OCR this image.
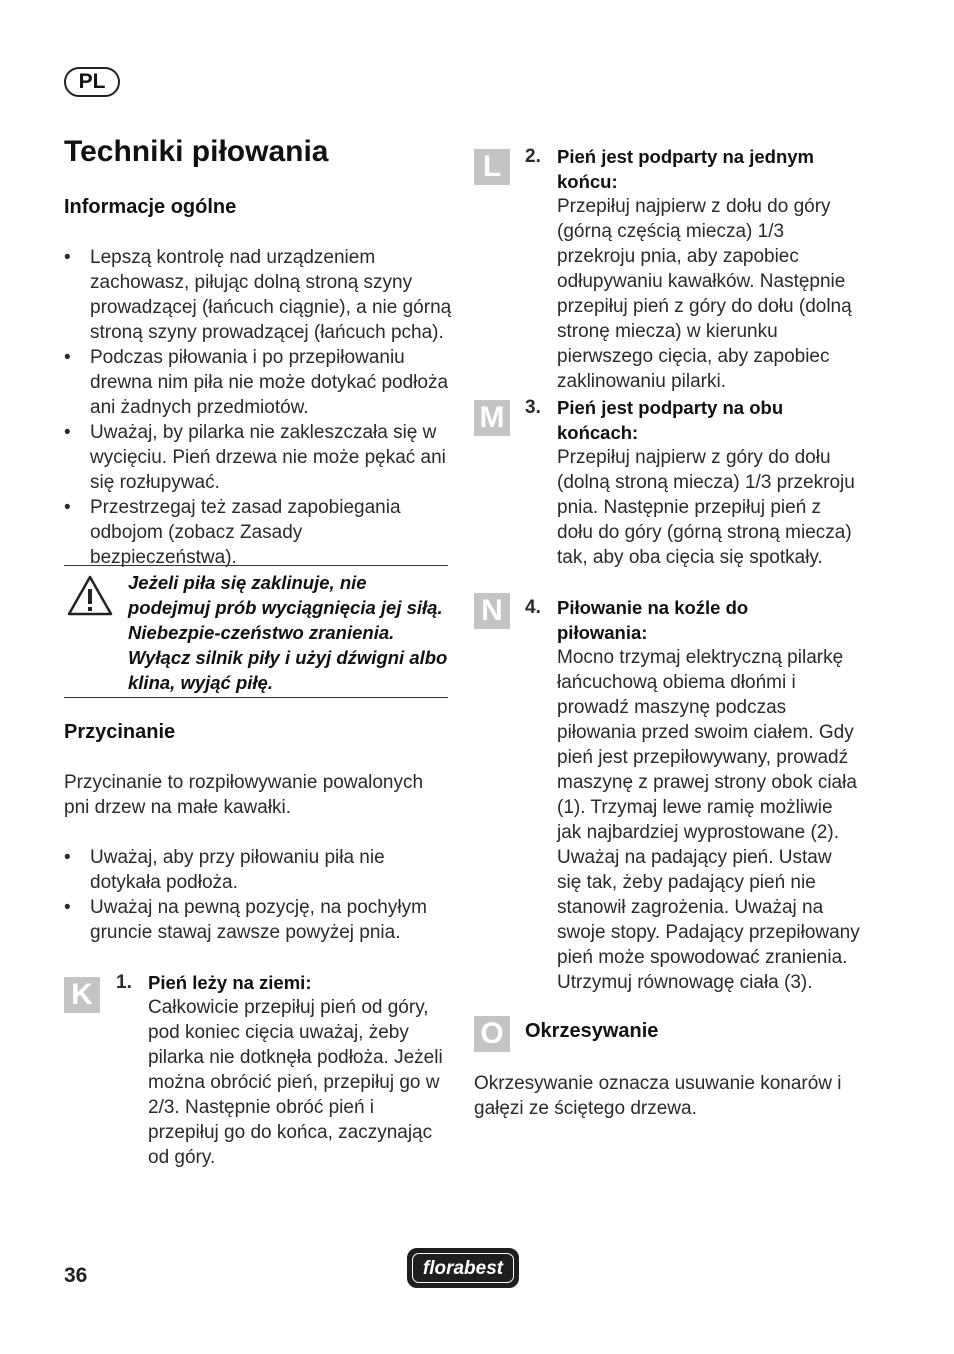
PL
Techniki piłowania
Informacje ogólne
• Lepszą kontrolę nad urządzeniem zachowasz, piłując dolną stroną szyny prowadzącej (łańcuch ciągnie), a nie górną stroną szyny prowadzącej (łańcuch pcha).
• Podczas piłowania i po przepiłowaniu drewna nim piła nie może dotykać podłoża ani żadnych przedmiotów.
• Uważaj, by pilarka nie zakleszczała się w wycięciu. Pień drzewa nie może pękać ani się rozłupywać.
• Przestrzegaj też zasad zapobiegania odbojom (zobacz Zasady bezpieczeństwa).
Jeżeli piła się zaklinuje, nie podejmuj prób wyciągnięcia jej siłą. Niebezpie-czeństwo zranienia. Wyłącz silnik piły i użyj dźwigni albo klina, wyjąć piłę.
Przycinanie

Przycinanie to rozpiłowywanie powalonych pni drzew na małe kawałki.

• Uważaj, aby przy piłowaniu piła nie dotykała podłoża.
• Uważaj na pewną pozycję, na pochyłym gruncie stawaj zawsze powyżej pnia.
K	1. Pień leży na ziemi:

Całkowicie przepiłuj pień od góry, pod koniec cięcia uważaj, żeby pilarka nie dotknęła podłoża. Jeżeli można obrócić pień, przepiłuj go w 2/3. Następnie obróć pień i przepiłuj go do końca, zaczynając od góry.

L	2. Pień jest podparty na jednym końcu:

Przepiłuj najpierw z dołu do góry (górną częścią miecza) 1/3 przekroju pnia, aby zapobiec odłupywaniu kawałków. Następnie przepiłuj pień z góry do dołu (dolną stronę miecza) w kierunku pierwszego cięcia, aby zapobiec zaklinowaniu pilarki.

M 3. Pień jest podparty na obu końcach:

Przepiłuj najpierw z góry do dołu (dolną stroną miecza) 1/3 przekroju pnia. Następnie przepiłuj pień z dołu do góry (górną stroną miecza) tak, aby oba cięcia się spotkały.

N	4. Piłowanie na koźle do piłowania:

Mocno trzymaj elektryczną pilarkę łańcuchową obiema dłońmi i prowadź maszynę podczas piłowania przed swoim ciałem. Gdy pień jest przepiłowywany, prowadź maszynę z prawej strony obok ciała (1). Trzymaj lewe ramię możliwie jak najbardziej wyprostowane (2). Uważaj na padający pień. Ustaw się tak, żeby padający pień nie stanowił zagrożenia. Uważaj na swoje stopy. Padający przepiłowany pień może spowodować zranienia. Utrzymuj równowagę ciała (3).

O	Okrzesywanie

Okrzesywanie oznacza usuwanie konarów i gałęzi ze ściętego drzewa.

36	florabest
